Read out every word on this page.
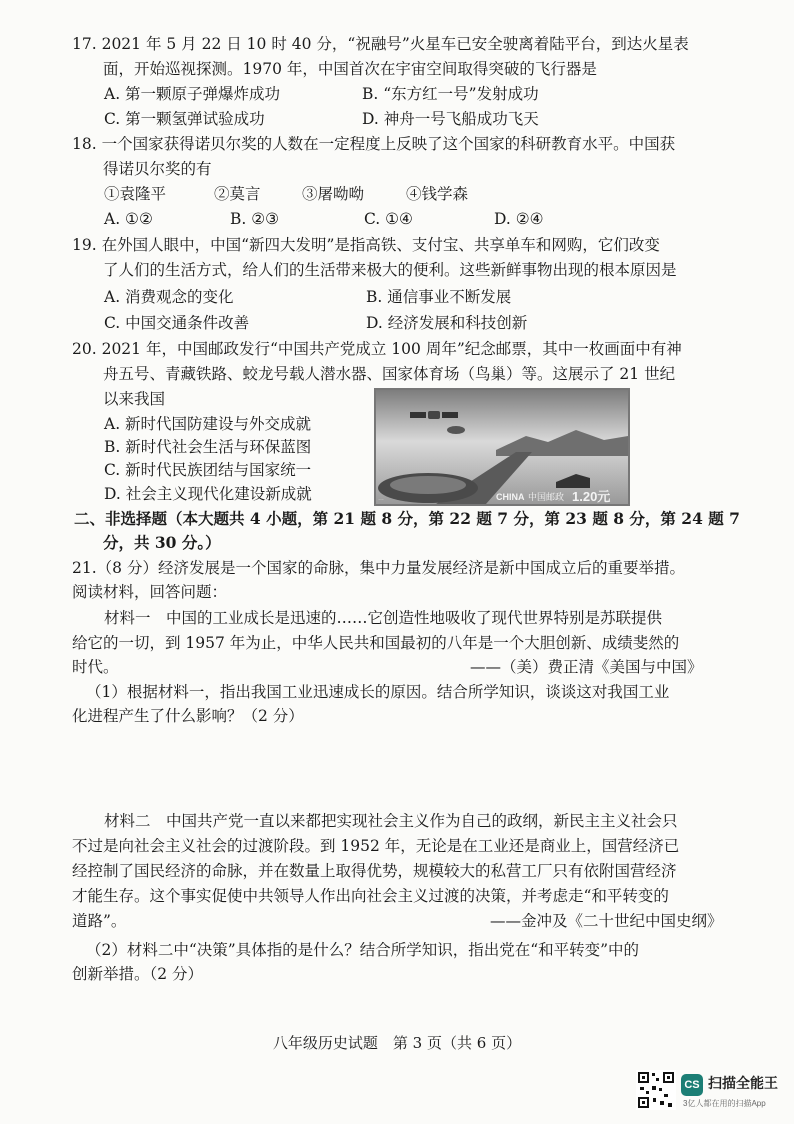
17. 2021 年 5 月 22 日 10 时 40 分，“祝融号”火星车已安全驶离着陆平台，到达火星表
面，开始巡视探测。1970 年，中国首次在宇宙空间取得突破的飞行器是
A. 第一颗原子弹爆炸成功	B. “东方红一号”发射成功
C. 第一颗氢弹试验成功	D. 神舟一号飞船成功飞天
18. 一个国家获得诺贝尔奖的人数在一定程度上反映了这个国家的科研教育水平。中国获
得诺贝尔奖的有
①袁隆平	②莫言	③屠呦呦	④钱学森
A. ①②	B. ②③	C. ①④	D. ②④
19. 在外国人眼中，中国“新四大发明”是指高铁、支付宝、共享单车和网购，它们改变
了人们的生活方式，给人们的生活带来极大的便利。这些新鲜事物出现的根本原因是
A. 消费观念的变化	B. 通信事业不断发展
C. 中国交通条件改善	D. 经济发展和科技创新
20. 2021 年，中国邮政发行“中国共产党成立 100 周年”纪念邮票，其中一枚画面中有神
舟五号、青藏铁路、蛟龙号载人潜水器、国家体育场（鸟巢）等。这展示了 21 世纪
以来我国
A. 新时代国防建设与外交成就
B. 新时代社会生活与环保蓝图
C. 新时代民族团结与国家统一
D. 社会主义现代化建设新成就	…	CHINA 中国邮政 1.20元
二、非选择题（本大题共 4 小题，第 21 题 8 分，第 22 题 7 分，第 23 题 8 分，第 24 题 7
分，共 30 分。）
21.（8 分）经济发展是一个国家的命脉，集中力量发展经济是新中国成立后的重要举措。
阅读材料，回答问题：
材料一　中国的工业成长是迅速的……它创造性地吸收了现代世界特别是苏联提供
给它的一切，到 1957 年为止，中华人民共和国最初的八年是一个大胆创新、成绩斐然的
时代。	——（美）费正清《美国与中国》
（1）根据材料一，指出我国工业迅速成长的原因。结合所学知识，谈谈这对我国工业
化进程产生了什么影响？（2 分）
材料二　中国共产党一直以来都把实现社会主义作为自己的政纲，新民主主义社会只
不过是向社会主义社会的过渡阶段。到 1952 年，无论是在工业还是商业上，国营经济已
经控制了国民经济的命脉，并在数量上取得优势，规模较大的私营工厂只有依附国营经济
才能生存。这个事实促使中共领导人作出向社会主义过渡的决策，并考虑走“和平转变的
道路”。	——金冲及《二十世纪中国史纲》
（2）材料二中“决策”具体指的是什么？结合所学知识，指出党在“和平转变”中的
创新举措。（2 分）
八年级历史试题　第 3 页（共 6 页）
CS 扫描全能王
3亿人都在用的扫描App
